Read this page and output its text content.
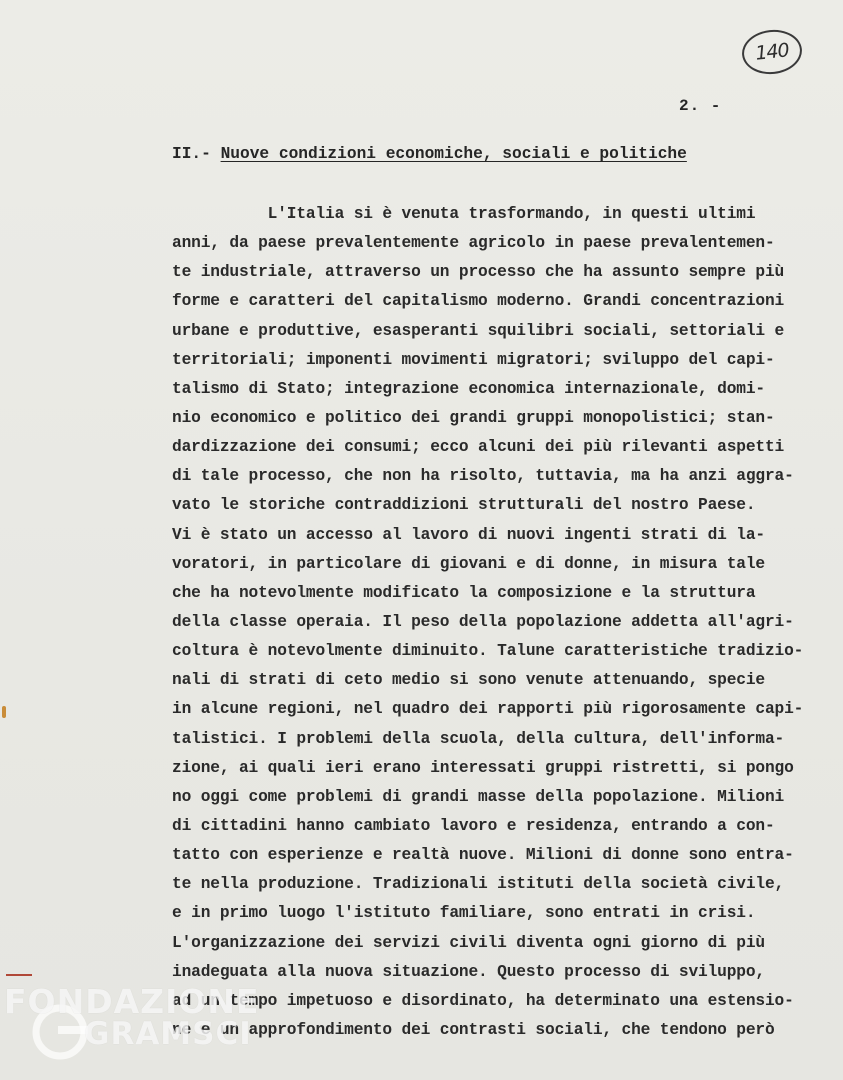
140
2. -
II.- Nuove condizioni economiche, sociali e politiche
L'Italia si è venuta trasformando, in questi ultimi
anni, da paese prevalentemente agricolo in paese prevalentemen-
te industriale, attraverso un processo che ha assunto sempre più
forme e caratteri del capitalismo moderno. Grandi concentrazioni
urbane e produttive, esasperanti squilibri sociali, settoriali e
territoriali; imponenti movimenti migratori; sviluppo del capi-
talismo di Stato; integrazione economica internazionale, domi-
nio economico e politico dei grandi gruppi monopolistici; stan-
dardizzazione dei consumi; ecco alcuni dei più rilevanti aspetti
di tale processo, che non ha risolto, tuttavia, ma ha anzi aggra-
vato le storiche contraddizioni strutturali del nostro Paese.
Vi è stato un accesso al lavoro di nuovi ingenti strati di la-
voratori, in particolare di giovani e di donne, in misura tale
che ha notevolmente modificato la composizione e la struttura
della classe operaia. Il peso della popolazione addetta all'agri-
coltura è notevolmente diminuito. Talune caratteristiche tradizio-
nali di strati di ceto medio si sono venute attenuando, specie
in alcune regioni, nel quadro dei rapporti più rigorosamente capi-
talistici. I problemi della scuola, della cultura, dell'informa-
zione, ai quali ieri erano interessati gruppi ristretti, si pongo
no oggi come problemi di grandi masse della popolazione. Milioni
di cittadini hanno cambiato lavoro e residenza, entrando a con-
tatto con esperienze e realtà nuove. Milioni di donne sono entra-
te nella produzione. Tradizionali istituti della società civile,
e in primo luogo l'istituto familiare, sono entrati in crisi.
L'organizzazione dei servizi civili diventa ogni giorno di più
inadeguata alla nuova situazione. Questo processo di sviluppo,
ad un tempo impetuoso e disordinato, ha determinato una estensio-
ne e un approfondimento dei contrasti sociali, che tendono però
FONDAZIONE
GRAMSCI
